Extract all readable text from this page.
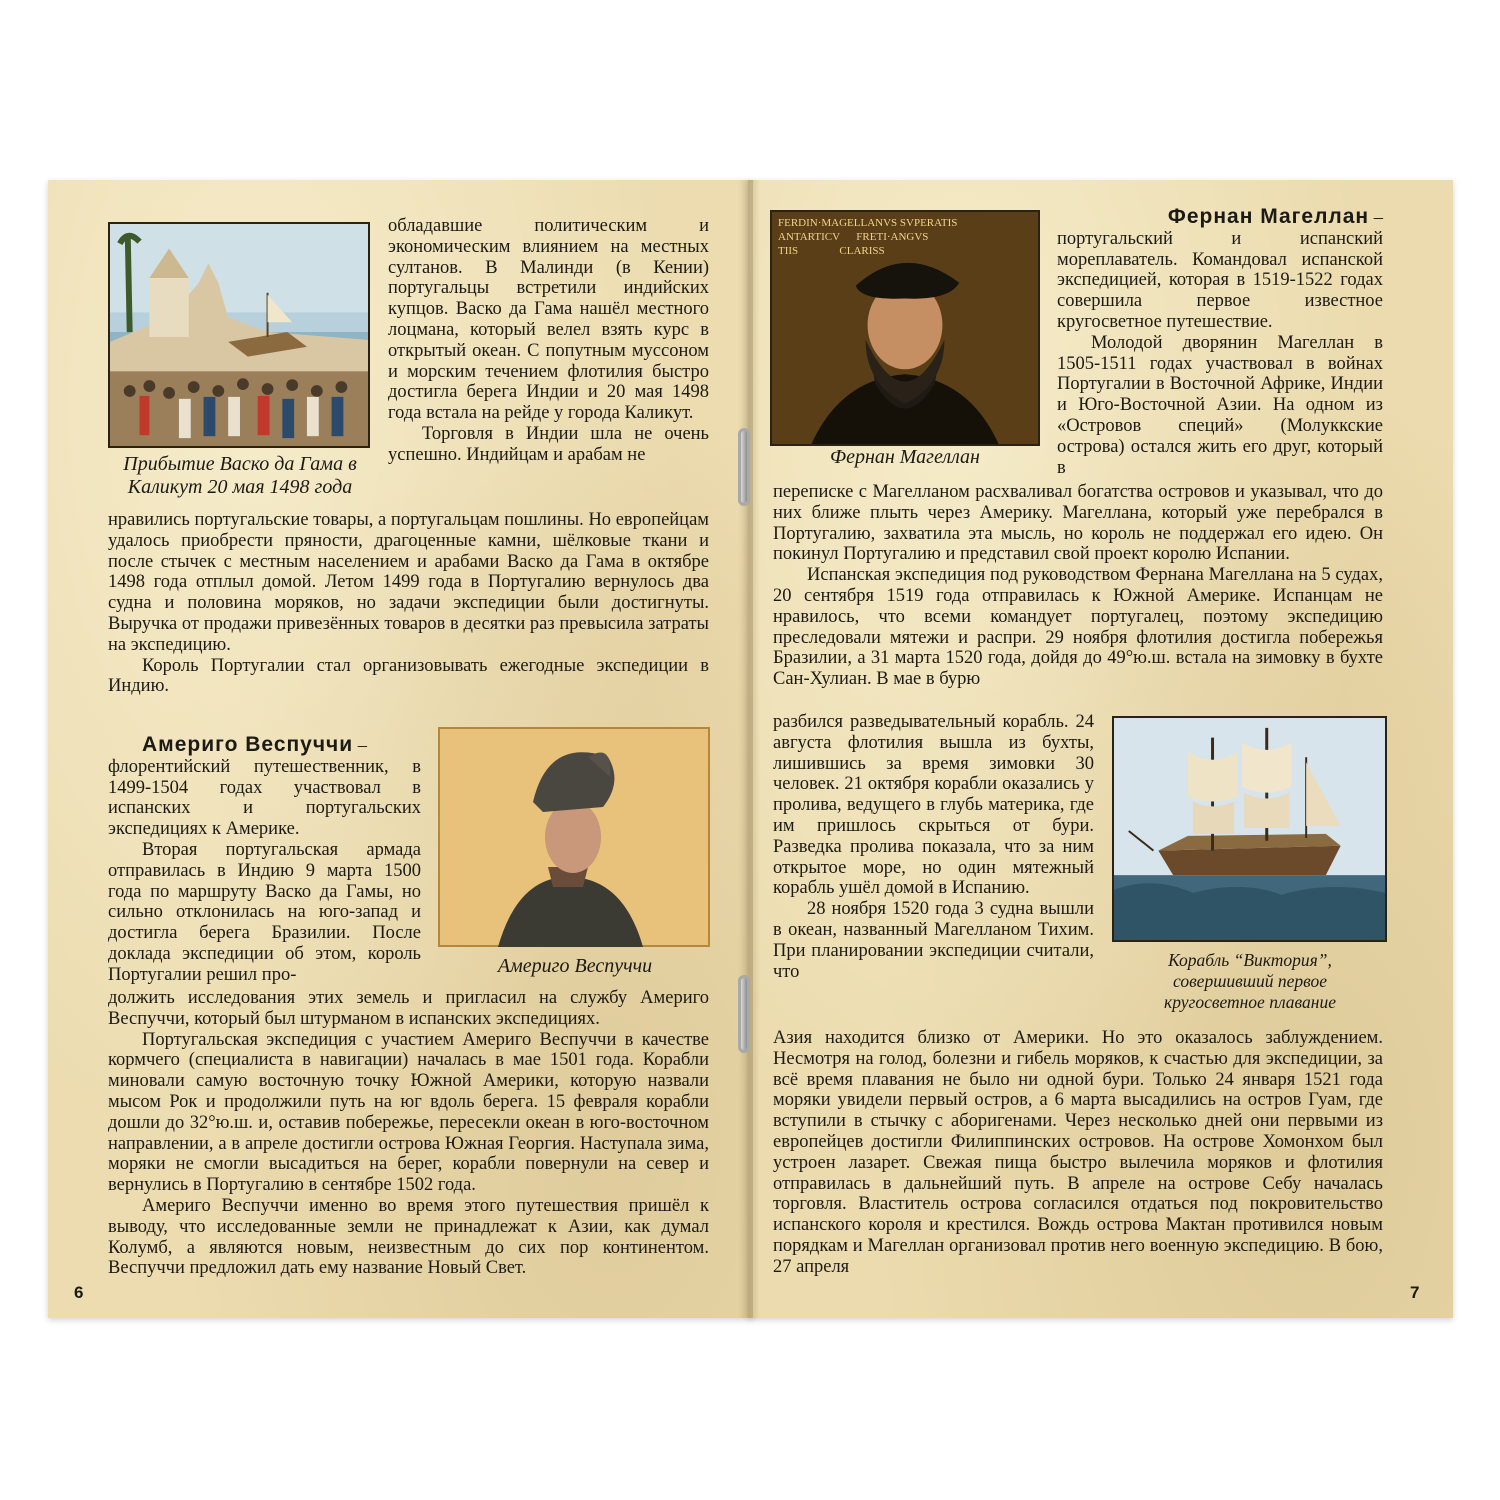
Прибытие Васко да Гама в
Каликут 20 мая 1498 года

обладавшие политическим и экономическим влиянием на местных султанов. В Малинди (в Кении) португальцы встретили индийских купцов. Васко да Гама нашёл местного лоцмана, который велел взять курс в открытый океан. С попутным муссоном и морским течением флотилия быстро достигла берега Индии и 20 мая 1498 года встала на рейде у города Каликут.

Торговля в Индии шла не очень успешно. Индийцам и арабам не

нравились португальские товары, а португальцам пошлины. Но европейцам удалось приобрести пряности, драгоценные камни, шёлковые ткани и после стычек с местным населением и арабами Васко да Гама в октябре 1498 года отплыл домой. Летом 1499 года в Португалию вернулось два судна и половина моряков, но задачи экспедиции были достигнуты. Выручка от продажи привезённых товаров в десятки раз превысила затраты на экспедицию.

Король Португалии стал организовывать ежегодные экспедиции в Индию.

Америго Веспуччи

Америго Веспуччи –

флорентийский путешественник, в 1499-1504 годах участвовал в испанских и португальских экспедициях к Америке.

Вторая португальская армада отправилась в Индию 9 марта 1500 года по маршруту Васко да Гамы, но сильно отклонилась на юго-запад и достигла берега Бразилии. После доклада экспедиции об этом, король Португалии решил про-

должить исследования этих земель и пригласил на службу Америго Веспуччи, который был штурманом в испанских экспедициях.

Португальская экспедиция с участием Америго Веспуччи в качестве кормчего (специалиста в навигации) началась в мае 1501 года. Корабли миновали самую восточную точку Южной Америки, которую назвали мысом Рок и продолжили путь на юг вдоль берега. 15 февраля корабли дошли до 32°ю.ш. и, оставив побережье, пересекли океан в юго-восточном направлении, а в апреле достигли острова Южная Георгия. Наступала зима, моряки не смогли высадиться на берег, корабли повернули на север и вернулись в Португалию в сентябре 1502 года.

Америго Веспуччи именно во время этого путешествия пришёл к выводу, что исследованные земли не принадлежат к Азии, как думал Колумб, а являются новым, неизвестным до сих пор континентом. Веспуччи предложил дать ему название Новый Свет.

6
FERDIN·MAGELLANVS SVPERATIS
ANTARTICV      FRETI·ANGVS
TIIS               CLARISS

Фернан Магеллан

Фернан Магеллан –

португальский и испанский мореплаватель. Командовал испанской экспедицией, которая в 1519-1522 годах совершила первое известное кругосветное путешествие.

Молодой дворянин Магеллан в 1505-1511 годах участвовал в войнах Португалии в Восточной Африке, Индии и Юго-Восточной Азии. На одном из «Островов специй» (Молуккские острова) остался жить его друг, который в

переписке с Магелланом расхваливал богатства островов и указывал, что до них ближе плыть через Америку. Магеллана, который уже перебрался в Португалию, захватила эта мысль, но король не поддержал его идею. Он покинул Португалию и представил свой проект королю Испании.

Испанская экспедиция под руководством Фернана Магеллана на 5 судах, 20 сентября 1519 года отправилась к Южной Америке. Испанцам не нравилось, что всеми командует португалец, поэтому экспедицию преследовали мятежи и распри. 29 ноября флотилия достигла побережья Бразилии, а 31 марта 1520 года, дойдя до 49°ю.ш. встала на зимовку в бухте Сан-Хулиан. В мае в бурю

Корабль “Виктория”,
совершивший первое
кругосветное плавание

разбился разведывательный корабль. 24 августа флотилия вышла из бухты, лишившись за время зимовки 30 человек. 21 октября корабли оказались у пролива, ведущего в глубь материка, где им пришлось скрыться от бури. Разведка пролива показала, что за ним открытое море, но один мятежный корабль ушёл домой в Испанию.

28 ноября 1520 года 3 судна вышли в океан, названный Магелланом Тихим. При планировании экспедиции считали, что

Азия находится близко от Америки. Но это оказалось заблуждением. Несмотря на голод, болезни и гибель моряков, к счастью для экспедиции, за всё время плавания не было ни одной бури. Только 24 января 1521 года моряки увидели первый остров, а 6 марта высадились на остров Гуам, где вступили в стычку с аборигенами. Через несколько дней они первыми из европейцев достигли Филиппинских островов. На острове Хомонхом был устроен лазарет. Свежая пища быстро вылечила моряков и флотилия отправилась в дальнейший путь. В апреле на острове Себу началась торговля. Властитель острова согласился отдаться под покровительство испанского короля и крестился. Вождь острова Мактан противился новым порядкам и Магеллан организовал против него военную экспедицию. В бою, 27 апреля

7
